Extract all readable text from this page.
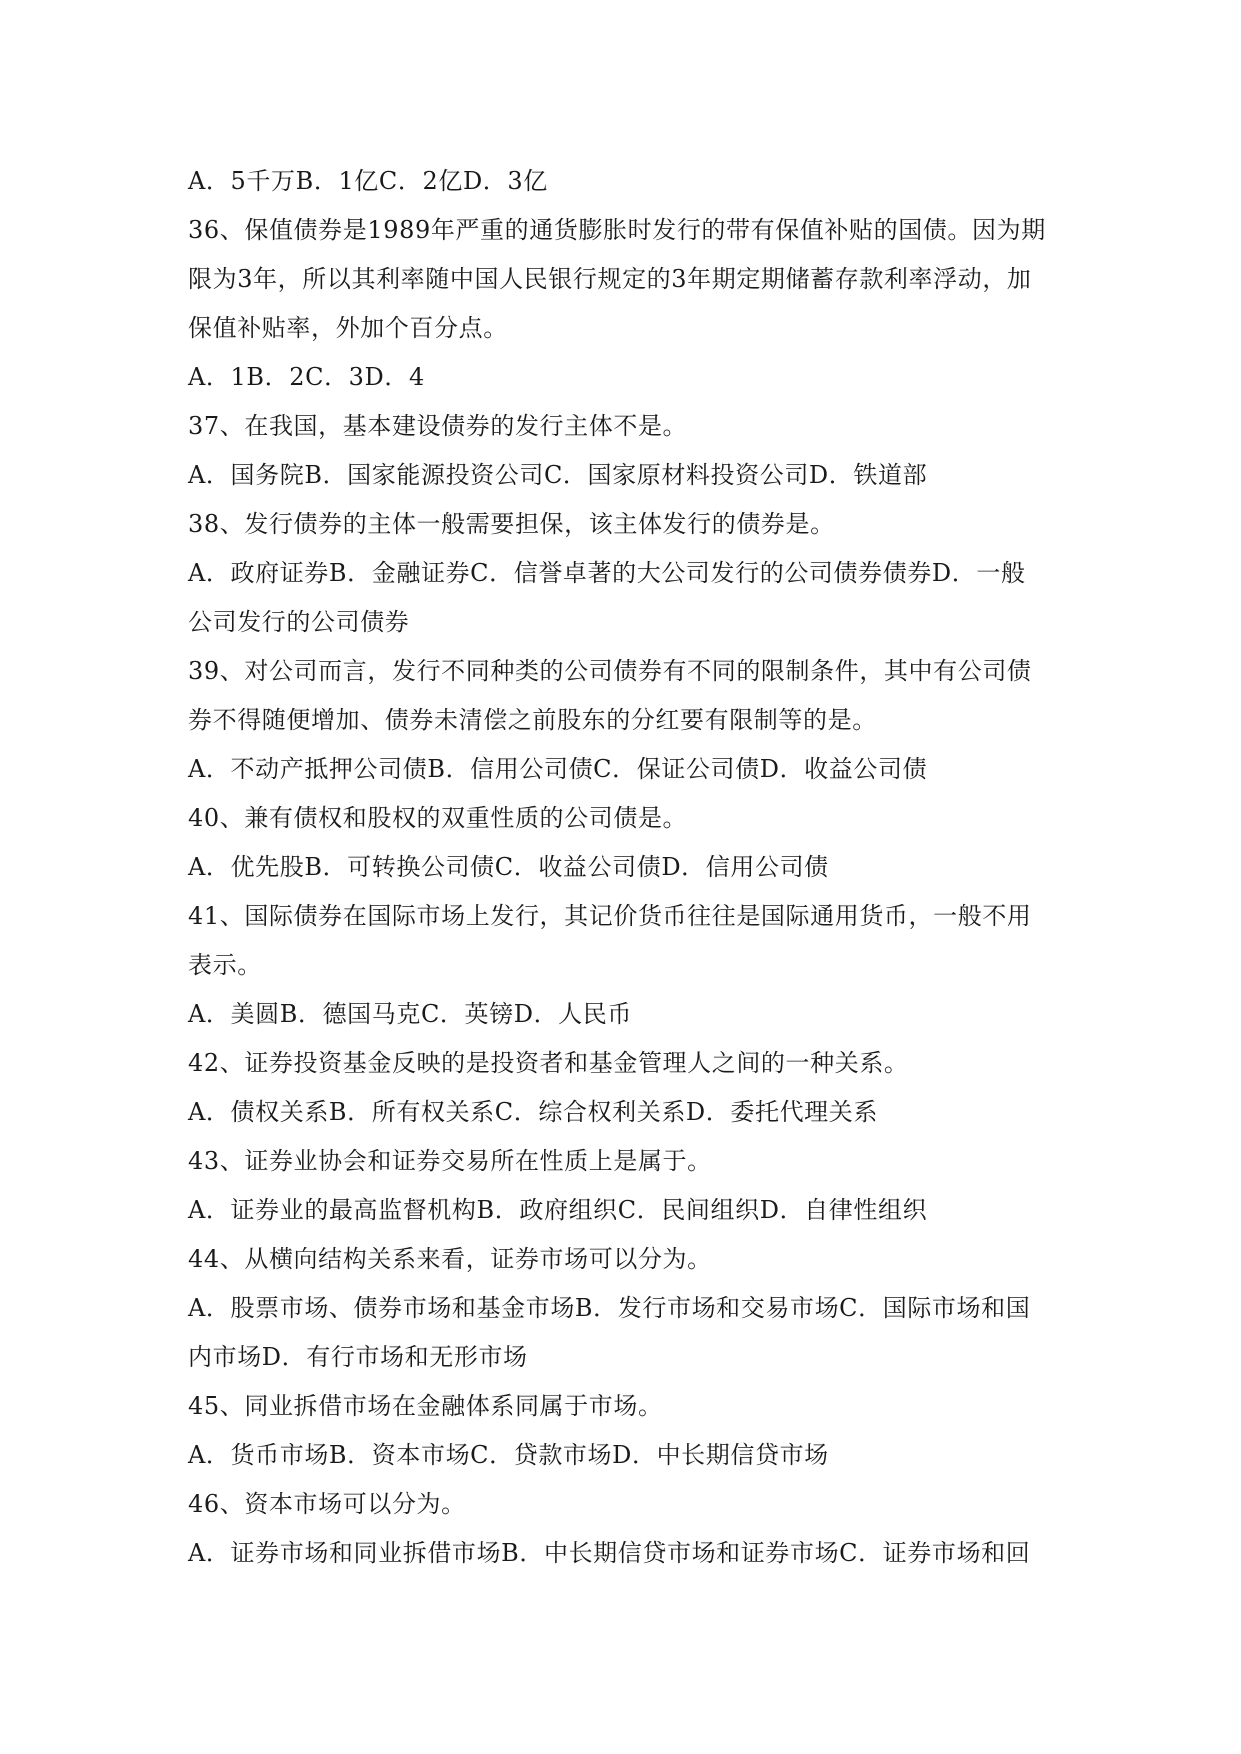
A．5千万B．1亿C．2亿D．3亿
36、保值债券是1989年严重的通货膨胀时发行的带有保值补贴的国债。因为期
限为3年，所以其利率随中国人民银行规定的3年期定期储蓄存款利率浮动，加
保值补贴率，外加个百分点。
A．1B．2C．3D．4
37、在我国，基本建设债券的发行主体不是。
A．国务院B．国家能源投资公司C．国家原材料投资公司D．铁道部
38、发行债券的主体一般需要担保，该主体发行的债券是。
A．政府证券B．金融证券C．信誉卓著的大公司发行的公司债券债券D．一般
公司发行的公司债券
39、对公司而言，发行不同种类的公司债券有不同的限制条件，其中有公司债
券不得随便增加、债券未清偿之前股东的分红要有限制等的是。
A．不动产抵押公司债B．信用公司债C．保证公司债D．收益公司债
40、兼有债权和股权的双重性质的公司债是。
A．优先股B．可转换公司债C．收益公司债D．信用公司债
41、国际债券在国际市场上发行，其记价货币往往是国际通用货币，一般不用
表示。
A．美圆B．德国马克C．英镑D．人民币
42、证券投资基金反映的是投资者和基金管理人之间的一种关系。
A．债权关系B．所有权关系C．综合权利关系D．委托代理关系
43、证券业协会和证券交易所在性质上是属于。
A．证券业的最高监督机构B．政府组织C．民间组织D．自律性组织
44、从横向结构关系来看，证券市场可以分为。
A．股票市场、债券市场和基金市场B．发行市场和交易市场C．国际市场和国
内市场D．有行市场和无形市场
45、同业拆借市场在金融体系同属于市场。
A．货币市场B．资本市场C．贷款市场D．中长期信贷市场
46、资本市场可以分为。
A．证券市场和同业拆借市场B．中长期信贷市场和证券市场C．证券市场和回
